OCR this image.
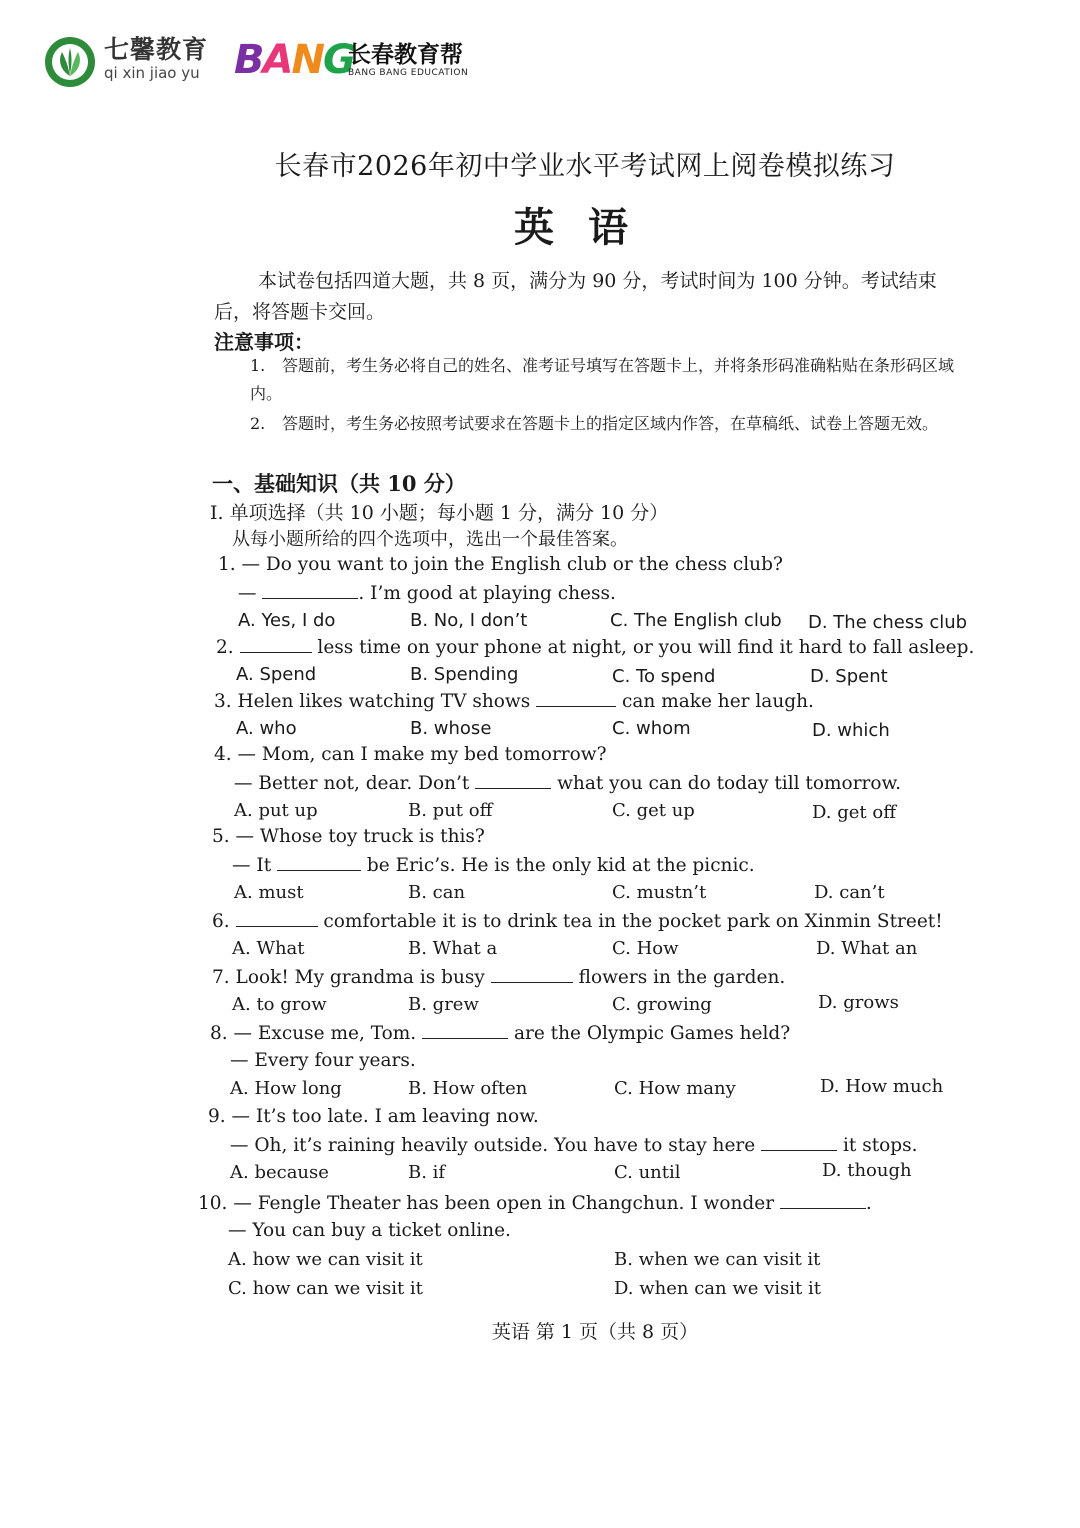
七馨教育
qi xin jiao yu BANG
长春教育帮
BANG BANG EDUCATION
长春市2026年初中学业水平考试网上阅卷模拟练习
英语
本试卷包括四道大题，共 8 页，满分为 90 分，考试时间为 100 分钟。考试结束后，将答题卡交回。
注意事项：
1. 答题前，考生务必将自己的姓名、准考证号填写在答题卡上，并将条形码准确粘贴在条形码区域内。
2. 答题时，考生务必按照考试要求在答题卡上的指定区域内作答，在草稿纸、试卷上答题无效。
一、基础知识（共 10 分）
I. 单项选择（共 10 小题；每小题 1 分，满分 10 分）
从每小题所给的四个选项中，选出一个最佳答案。
1. — Do you want to join the English club or the chess club?
—	. I’m good at playing chess.
A. Yes, I do	B. No, I don’t	C. The English club D. The chess club
2.	less time on your phone at night, or you will find it hard to fall asleep.
A. Spend	B. Spending	C. To spend	D. Spent
3. Helen likes watching TV shows	can make her laugh.
A. who	B. whose	C. whom	D. which
4. — Mom, can I make my bed tomorrow?
— Better not, dear. Don’t	what you can do today till tomorrow.
A. put up	B. put off	C. get up	D. get off
5. — Whose toy truck is this?
— It	be Eric’s. He is the only kid at the picnic.
A. must	B. can	C. mustn’t	D. can’t
6.	comfortable it is to drink tea in the pocket park on Xinmin Street!
A. What	B. What a	C. How	D. What an
7. Look! My grandma is busy	flowers in the garden.
A. to grow	B. grew	C. growing	D. grows
8. — Excuse me, Tom.	are the Olympic Games held?
— Every four years.
A. How long	B. How often	C. How many	D. How much
9. — It’s too late. I am leaving now.
— Oh, it’s raining heavily outside. You have to stay here	it stops.
A. because	B. if	C. until	D. though
10. — Fengle Theater has been open in Changchun. I wonder	.
— You can buy a ticket online.
A. how we can visit it	B. when we can visit it
C. how can we visit it	D. when can we visit it
英语 第 1 页（共 8 页）
